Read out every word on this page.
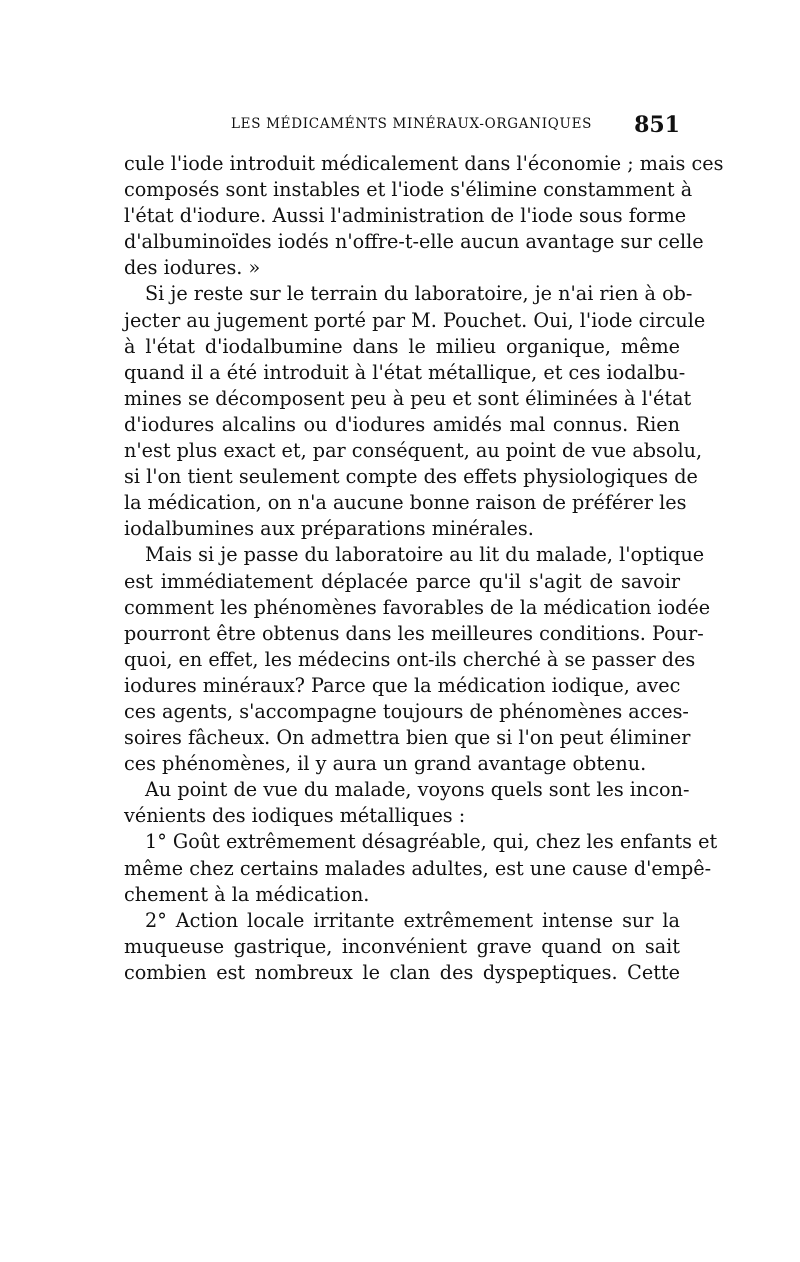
LES MÉDICAMÉNTS MINÉRAUX-ORGANIQUES 851
cule l'iode introduit médicalement dans l'économie ; mais ces
composés sont instables et l'iode s'élimine constamment à
l'état d'iodure. Aussi l'administration de l'iode sous forme
d'albuminoïdes iodés n'offre-t-elle aucun avantage sur celle
des iodures. »
Si je reste sur le terrain du laboratoire, je n'ai rien à ob-
jecter au jugement porté par M. Pouchet. Oui, l'iode circule
à l'état d'iodalbumine dans le milieu organique, même
quand il a été introduit à l'état métallique, et ces iodalbu-
mines se décomposent peu à peu et sont éliminées à l'état
d'iodures alcalins ou d'iodures amidés mal connus. Rien
n'est plus exact et, par conséquent, au point de vue absolu,
si l'on tient seulement compte des effets physiologiques de
la médication, on n'a aucune bonne raison de préférer les
iodalbumines aux préparations minérales.
Mais si je passe du laboratoire au lit du malade, l'optique
est immédiatement déplacée parce qu'il s'agit de savoir
comment les phénomènes favorables de la médication iodée
pourront être obtenus dans les meilleures conditions. Pour-
quoi, en effet, les médecins ont-ils cherché à se passer des
iodures minéraux? Parce que la médication iodique, avec
ces agents, s'accompagne toujours de phénomènes acces-
soires fâcheux. On admettra bien que si l'on peut éliminer
ces phénomènes, il y aura un grand avantage obtenu.
Au point de vue du malade, voyons quels sont les incon-
vénients des iodiques métalliques :
1° Goût extrêmement désagréable, qui, chez les enfants et
même chez certains malades adultes, est une cause d'empê-
chement à la médication.
2° Action locale irritante extrêmement intense sur la
muqueuse gastrique, inconvénient grave quand on sait
combien est nombreux le clan des dyspeptiques. Cette
